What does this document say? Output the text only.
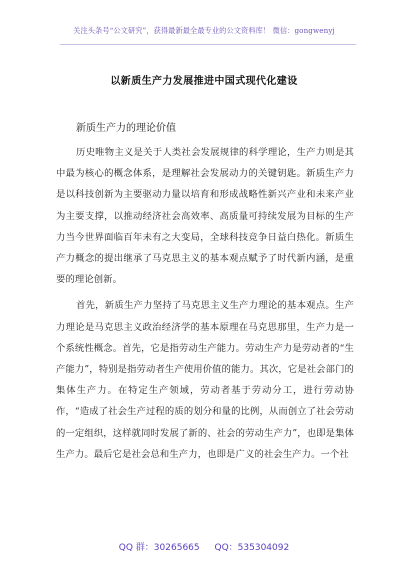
关注头条号“公文研究”，获得最新最全最专业的公文资料库！ 微信：gongwenyj
以新质生产力发展推进中国式现代化建设

新质生产力的理论价值

历史唯物主义是关于人类社会发展规律的科学理论，生产力则是其中最为核心的概念体系，是理解社会发展动力的关键钥匙。新质生产力是以科技创新为主要驱动力量以培育和形成战略性新兴产业和未来产业为主要支撑，以推动经济社会高效率、高质量可持续发展为目标的生产力当今世界面临百年未有之大变局，全球科技竞争日益白热化。新质生产力概念的提出继承了马克思主义的基本观点赋予了时代新内涵，是重要的理论创新。

首先，新质生产力坚持了马克思主义生产力理论的基本观点。生产力理论是马克思主义政治经济学的基本原理在马克思那里，生产力是一个系统性概念。首先，它是指劳动生产能力。劳动生产力是劳动者的“生产能力”，特别是指劳动者生产使用价值的能力。其次，它是社会部门的集体生产力。在特定生产领域，劳动者基于劳动分工，进行劳动协作，“造成了社会生产过程的质的划分和量的比例，从而创立了社会劳动的一定组织，这样就同时发展了新的、社会的劳动生产力”，也即是集体生产力。最后它是社会总和生产力，也即是广义的社会生产力。一个社

QQ 群：30265665 QQ：535304092
